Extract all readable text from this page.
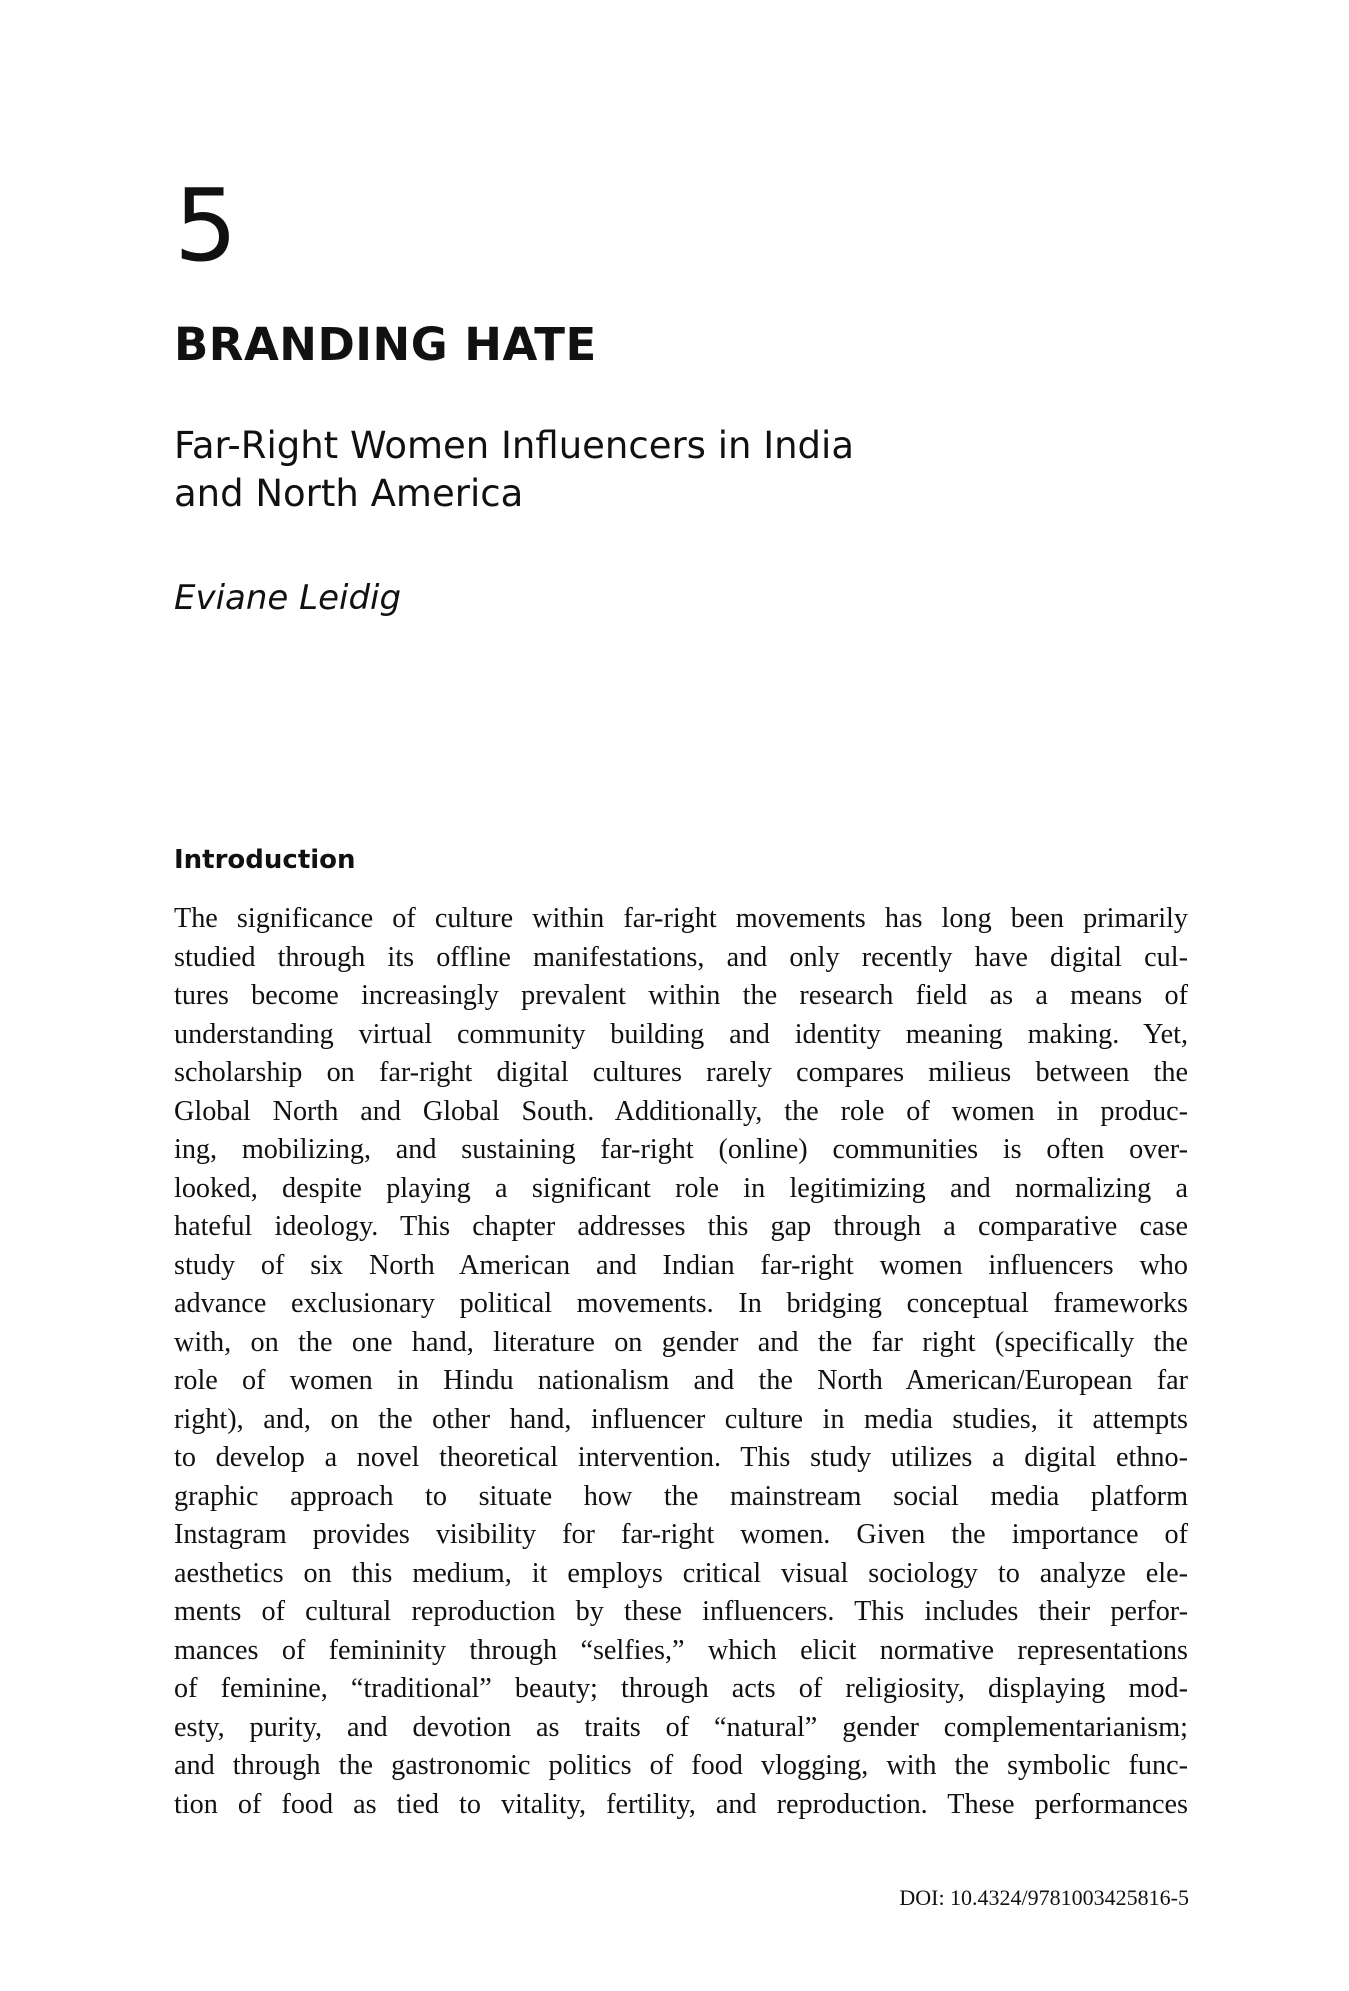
5
BRANDING HATE
Far-Right Women Influencers in India
and North America

Eviane Leidig

Introduction
The significance of culture within far-right movements has long been primarily
studied through its offline manifestations, and only recently have digital cul-
tures become increasingly prevalent within the research field as a means of
understanding virtual community building and identity meaning making. Yet,
scholarship on far-right digital cultures rarely compares milieus between the
Global North and Global South. Additionally, the role of women in produc-
ing, mobilizing, and sustaining far-right (online) communities is often over-
looked, despite playing a significant role in legitimizing and normalizing a
hateful ideology. This chapter addresses this gap through a comparative case
study of six North American and Indian far-right women influencers who
advance exclusionary political movements. In bridging conceptual frameworks
with, on the one hand, literature on gender and the far right (specifically the
role of women in Hindu nationalism and the North American/European far
right), and, on the other hand, influencer culture in media studies, it attempts
to develop a novel theoretical intervention. This study utilizes a digital ethno-
graphic approach to situate how the mainstream social media platform
Instagram provides visibility for far-right women. Given the importance of
aesthetics on this medium, it employs critical visual sociology to analyze ele-
ments of cultural reproduction by these influencers. This includes their perfor-
mances of femininity through “selfies,” which elicit normative representations
of feminine, “traditional” beauty; through acts of religiosity, displaying mod-
esty, purity, and devotion as traits of “natural” gender complementarianism;
and through the gastronomic politics of food vlogging, with the symbolic func-
tion of food as tied to vitality, fertility, and reproduction. These performances

DOI: 10.4324/9781003425816-5
